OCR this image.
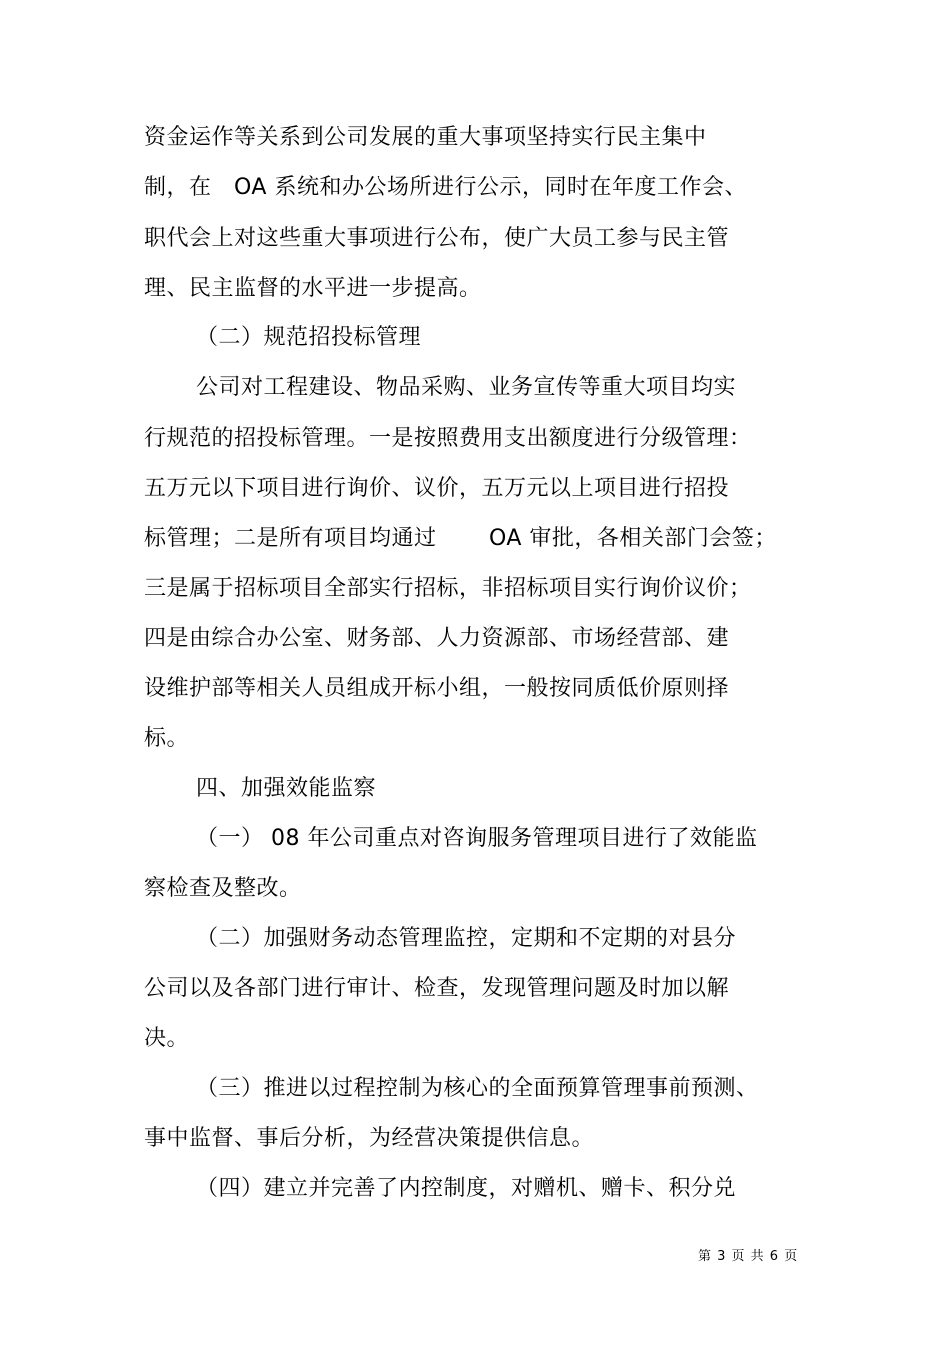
资金运作等关系到公司发展的重大事项坚持实行民主集中
制，在   OA 系统和办公场所进行公示，同时在年度工作会、
职代会上对这些重大事项进行公布，使广大员工参与民主管
理、民主监督的水平进一步提高。
（二）规范招投标管理
公司对工程建设、物品采购、业务宣传等重大项目均实
行规范的招投标管理。一是按照费用支出额度进行分级管理：
五万元以下项目进行询价、议价，五万元以上项目进行招投
标管理；二是所有项目均通过       OA 审批，各相关部门会签；
三是属于招标项目全部实行招标，非招标项目实行询价议价；
四是由综合办公室、财务部、人力资源部、市场经营部、建
设维护部等相关人员组成开标小组，一般按同质低价原则择
标。
四、加强效能监察
（一） 08 年公司重点对咨询服务管理项目进行了效能监
察检查及整改。
（二）加强财务动态管理监控，定期和不定期的对县分
公司以及各部门进行审计、检查，发现管理问题及时加以解
决。
（三）推进以过程控制为核心的全面预算管理事前预测、
事中监督、事后分析，为经营决策提供信息。
（四）建立并完善了内控制度，对赠机、赠卡、积分兑
第 3 页 共 6 页
